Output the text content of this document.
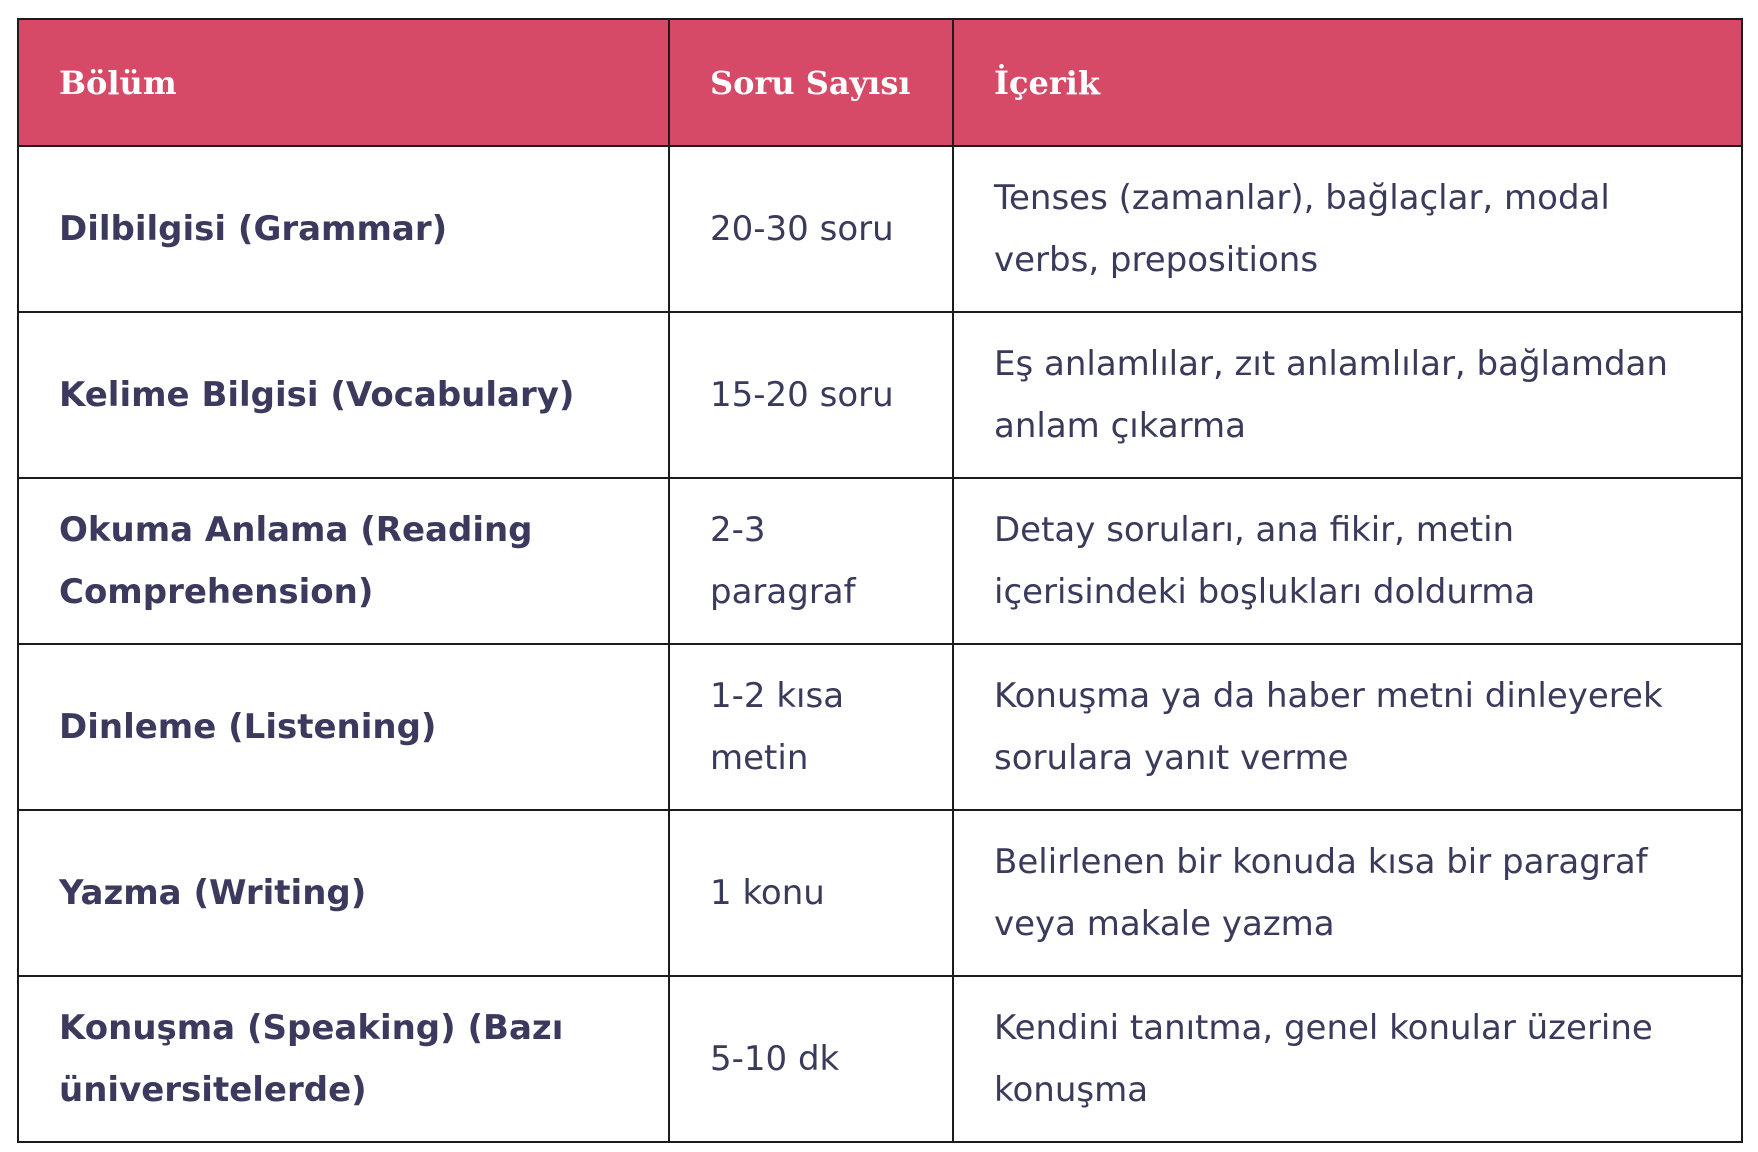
Bölüm	Soru Sayısı	İçerik
Dilbilgisi (Grammar)	20-30 soru	Tenses (zamanlar), bağlaçlar, modal verbs, prepositions
Kelime Bilgisi (Vocabulary)	15-20 soru	Eş anlamlılar, zıt anlamlılar, bağlamdan anlam çıkarma
Okuma Anlama (Reading Comprehension)	2-3 paragraf	Detay soruları, ana fikir, metin içerisindeki boşlukları doldurma
Dinleme (Listening)	1-2 kısa metin	Konuşma ya da haber metni dinleyerek sorulara yanıt verme
Yazma (Writing)	1 konu	Belirlenen bir konuda kısa bir paragraf veya makale yazma
Konuşma (Speaking) (Bazı üniversitelerde)	5-10 dk	Kendini tanıtma, genel konular üzerine konuşma
